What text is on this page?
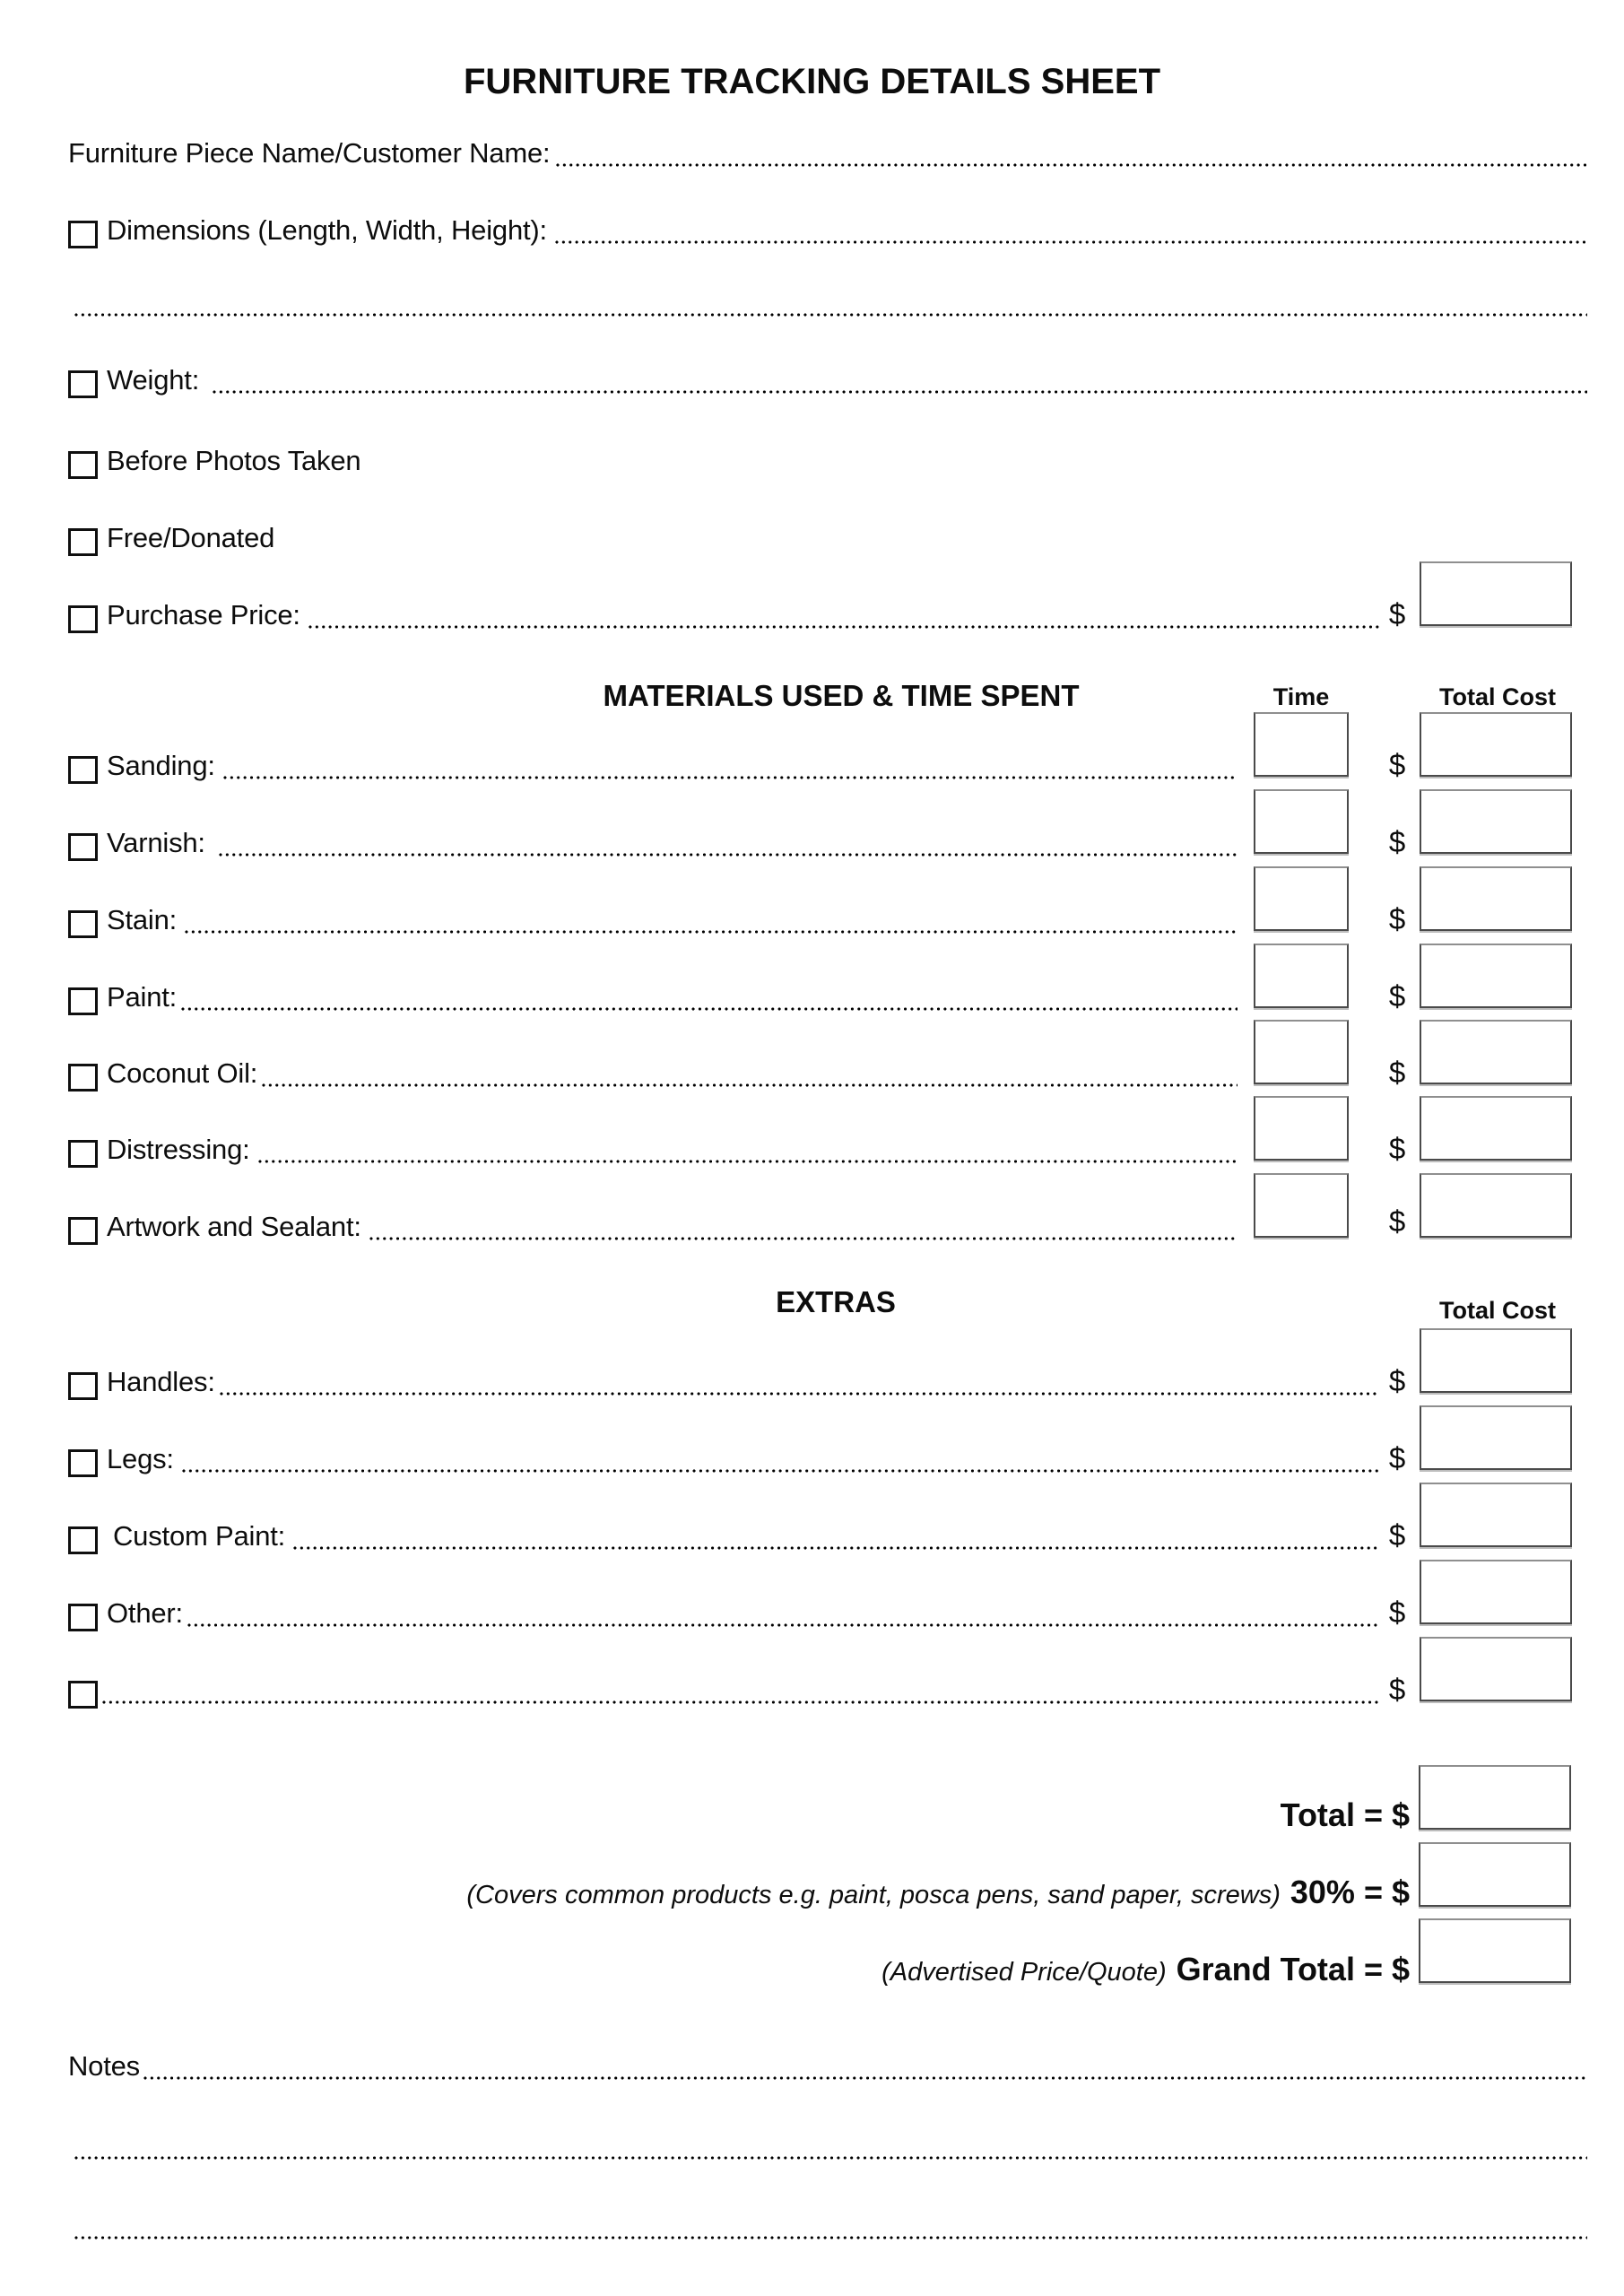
FURNITURE TRACKING DETAILS SHEET
Furniture Piece Name/Customer Name:
Dimensions (Length, Width, Height):
Weight:
Before Photos Taken
Free/Donated
Purchase Price:	$
MATERIALS USED & TIME SPENT	Time	Total Cost
Sanding:	$
Varnish:	$
Stain:	$
Paint:	$
Coconut Oil:	$
Distressing:	$
Artwork and Sealant:	$
EXTRAS	Total Cost
Handles:	$
Legs:	$
Custom Paint:	$
Other:	$
$
Total = $
(Covers common products e.g. paint, posca pens, sand paper, screws) 30% = $
(Advertised Price/Quote) Grand Total = $
Notes
